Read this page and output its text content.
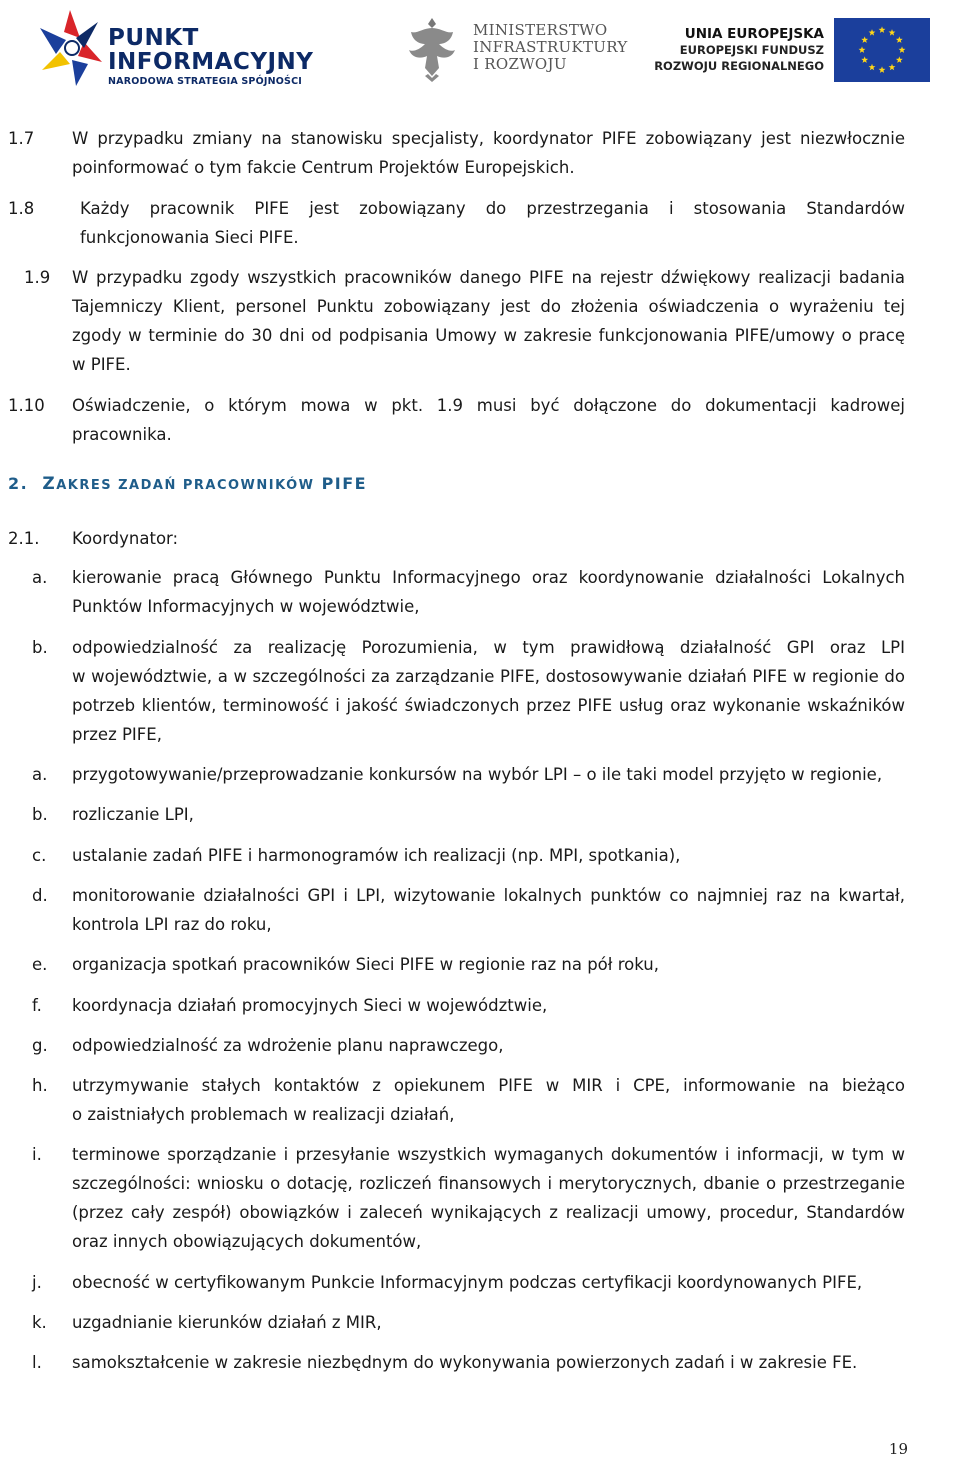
PUNKT
INFORMACYJNY
NARODOWA STRATEGIA SPÓJNOŚCI
MINISTERSTWO
INFRASTRUKTURY
I ROZWOJU
UNIA EUROPEJSKA
EUROPEJSKI FUNDUSZ
ROZWOJU REGIONALNEGO
1.7 W przypadku zmiany na stanowisku specjalisty, koordynator PIFE zobowiązany jest niezwłocznie
poinformować o tym fakcie Centrum Projektów Europejskich.
1.8	Każdy pracownik PIFE jest zobowiązany do przestrzegania i stosowania Standardów
funkcjonowania Sieci PIFE.
1.9 W przypadku zgody wszystkich pracowników danego PIFE na rejestr dźwiękowy realizacji badania
Tajemniczy Klient, personel Punktu zobowiązany jest do złożenia oświadczenia o wyrażeniu tej
zgody w terminie do 30 dni od podpisania Umowy w zakresie funkcjonowania PIFE/umowy o pracę
w PIFE.
1.10 Oświadczenie, o którym mowa w pkt. 1.9 musi być dołączone do dokumentacji kadrowej
pracownika.
2. ZAKRES ZADAŃ PRACOWNIKÓW PIFE
2.1. Koordynator:
a. kierowanie pracą Głównego Punktu Informacyjnego oraz koordynowanie działalności Lokalnych
Punktów Informacyjnych w województwie,
b. odpowiedzialność za realizację Porozumienia, w tym prawidłową działalność GPI oraz LPI
w województwie, a w szczególności za zarządzanie PIFE, dostosowywanie działań PIFE w regionie do
potrzeb klientów, terminowość i jakość świadczonych przez PIFE usług oraz wykonanie wskaźników
przez PIFE,
a. przygotowywanie/przeprowadzanie konkursów na wybór LPI – o ile taki model przyjęto w regionie,
b. rozliczanie LPI,
c. ustalanie zadań PIFE i harmonogramów ich realizacji (np. MPI, spotkania),
d. monitorowanie działalności GPI i LPI, wizytowanie lokalnych punktów co najmniej raz na kwartał,
kontrola LPI raz do roku,
e. organizacja spotkań pracowników Sieci PIFE w regionie raz na pół roku,
f. koordynacja działań promocyjnych Sieci w województwie,
g. odpowiedzialność za wdrożenie planu naprawczego,
h. utrzymywanie stałych kontaktów z opiekunem PIFE w MIR i CPE, informowanie na bieżąco
o zaistniałych problemach w realizacji działań,
i. terminowe sporządzanie i przesyłanie wszystkich wymaganych dokumentów i informacji, w tym w
szczególności: wniosku o dotację, rozliczeń finansowych i merytorycznych, dbanie o przestrzeganie
(przez cały zespół) obowiązków i zaleceń wynikających z realizacji umowy, procedur, Standardów
oraz innych obowiązujących dokumentów,
j. obecność w certyfikowanym Punkcie Informacyjnym podczas certyfikacji koordynowanych PIFE,
k. uzgadnianie kierunków działań z MIR,
l. samokształcenie w zakresie niezbędnym do wykonywania powierzonych zadań i w zakresie FE.
19
